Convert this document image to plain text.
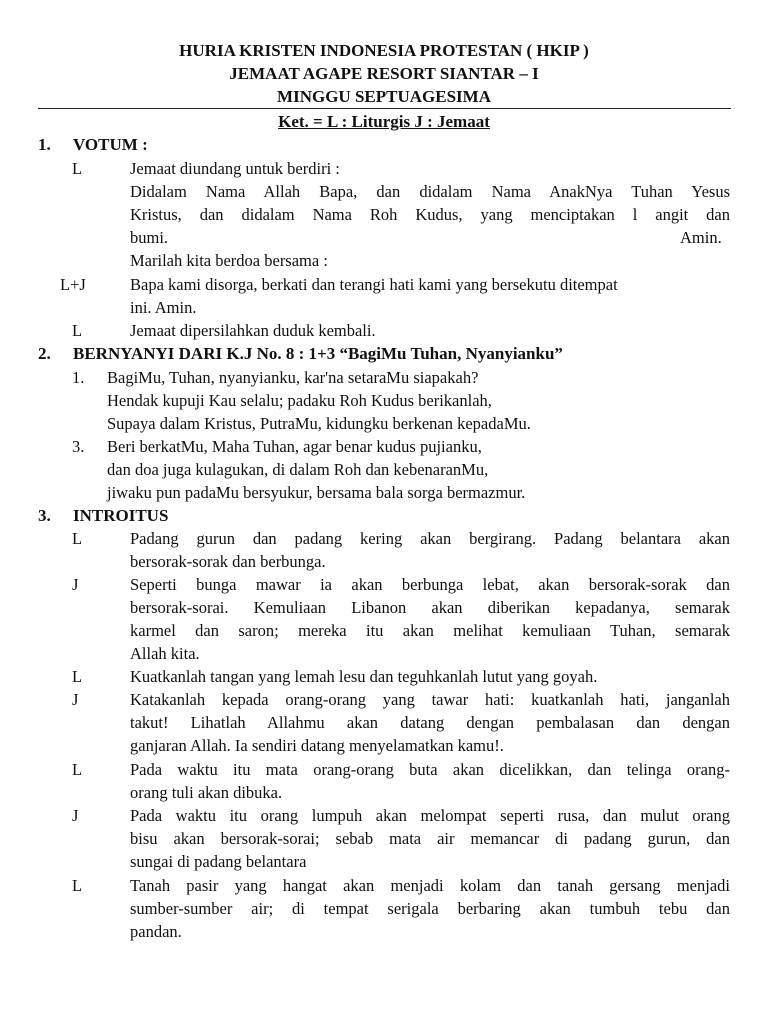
HURIA KRISTEN INDONESIA PROTESTAN ( HKIP )
JEMAAT AGAPE RESORT SIANTAR – I
MINGGU SEPTUAGESIMA
Ket. = L : Liturgis J : Jemaat
1. VOTUM :
L	Jemaat diundang untuk berdiri :
Didalam Nama Allah Bapa, dan didalam Nama AnakNya Tuhan Yesus
Kristus, dan didalam Nama Roh Kudus, yang menciptakan l angit dan
bumi.	Amin.
Marilah kita berdoa bersama :
L+J	Bapa kami disorga, berkati dan terangi hati kami yang bersekutu ditempat
ini. Amin.
L	Jemaat dipersilahkan duduk kembali.
2. BERNYANYI DARI K.J No. 8 : 1+3 “BagiMu Tuhan, Nyanyianku”
1. BagiMu, Tuhan, nyanyianku, kar'na setaraMu siapakah?
Hendak kupuji Kau selalu; padaku Roh Kudus berikanlah,
Supaya dalam Kristus, PutraMu, kidungku berkenan kepadaMu.
3. Beri berkatMu, Maha Tuhan, agar benar kudus pujianku,
dan doa juga kulagukan, di dalam Roh dan kebenaranMu,
jiwaku pun padaMu bersyukur, bersama bala sorga bermazmur.
3. INTROITUS
L	Padang gurun dan padang kering akan bergirang. Padang belantara akan
bersorak-sorak dan berbunga.
J	Seperti bunga mawar ia akan berbunga lebat, akan bersorak-sorak dan
bersorak-sorai. Kemuliaan Libanon akan diberikan kepadanya, semarak
karmel dan saron; mereka itu akan melihat kemuliaan Tuhan, semarak
Allah kita.
L	Kuatkanlah tangan yang lemah lesu dan teguhkanlah lutut yang goyah.
J	Katakanlah kepada orang-orang yang tawar hati: kuatkanlah hati, janganlah
takut! Lihatlah Allahmu akan datang dengan pembalasan dan dengan
ganjaran Allah. Ia sendiri datang menyelamatkan kamu!.
L	Pada waktu itu mata orang-orang buta akan dicelikkan, dan telinga orang-
orang tuli akan dibuka.
J	Pada waktu itu orang lumpuh akan melompat seperti rusa, dan mulut orang
bisu akan bersorak-sorai; sebab mata air memancar di padang gurun, dan
sungai di padang belantara
L	Tanah pasir yang hangat akan menjadi kolam dan tanah gersang menjadi
sumber-sumber air; di tempat serigala berbaring akan tumbuh tebu dan
pandan.
